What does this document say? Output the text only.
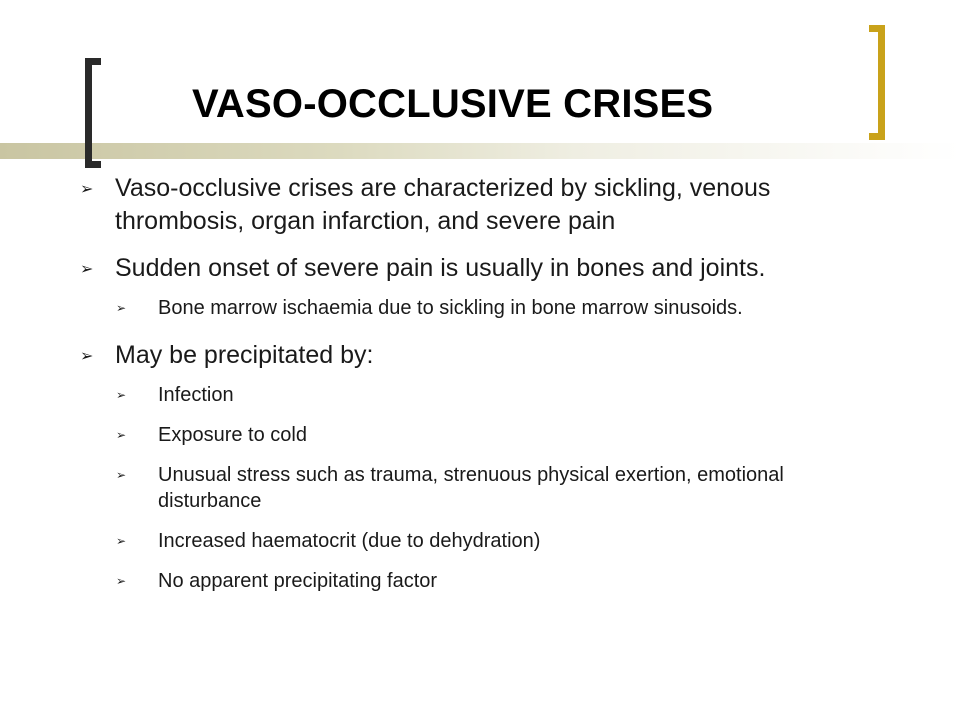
VASO-OCCLUSIVE CRISES
➢ Vaso-occlusive crises are characterized by sickling, venous thrombosis, organ infarction, and severe pain
➢ Sudden onset of severe pain is usually in bones and joints.
➢ Bone marrow ischaemia due to sickling in bone marrow sinusoids.
➢ May be precipitated by:
➢ Infection
➢ Exposure to cold
➢ Unusual stress such as trauma, strenuous physical exertion, emotional disturbance
➢ Increased haematocrit (due to dehydration)
➢ No apparent precipitating factor
